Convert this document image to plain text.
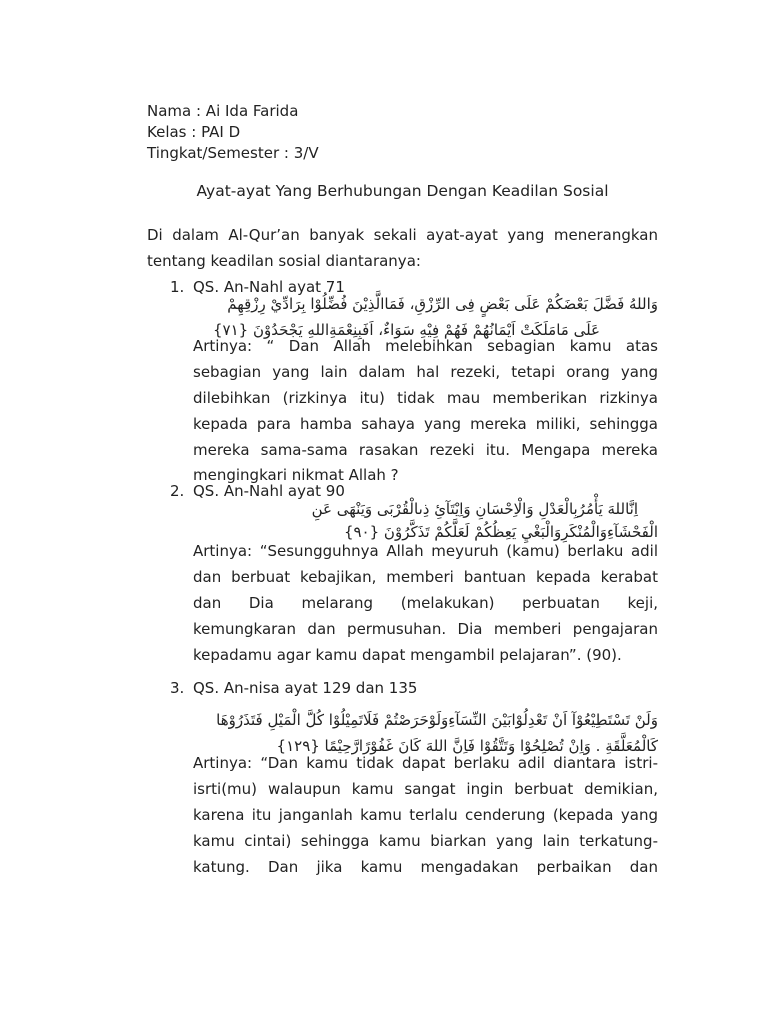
Nama : Ai Ida Farida
Kelas : PAI D
Tingkat/Semester : 3/V
Ayat-ayat Yang Berhubungan Dengan Keadilan Sosial
Di dalam Al-Qur’an banyak sekali ayat-ayat yang menerangkan
tentang keadilan sosial diantaranya:
1. QS. An-Nahl ayat 71
وَاللهُ فَضَّلَ بَعْضَكُمْ عَلَى بَعْضٍ فِى الرِّزْقِ، فَمَاالَّذِيْنَ فُضِّلُوْا بِرَادِّيْ رِزْقِهِمْ
عَلَى مَامَلَكَتْ اَيْمَانُهُمْ فَهُمْ فِيْهِ سَوَاءٌ، اَفَبِنِعْمَةِاللهِ يَجْحَدُوْنَ {٧١}
Artinya: “ Dan Allah melebihkan sebagian kamu atas
sebagian yang lain dalam hal rezeki, tetapi orang yang
dilebihkan (rizkinya itu) tidak mau memberikan rizkinya
kepada para hamba sahaya yang mereka miliki, sehingga
mereka sama-sama rasakan rezeki itu. Mengapa mereka
mengingkari nikmat Allah ?
2. QS. An-Nahl ayat 90
اِنَّاللهَ يَأْمُرُبِالْعَدْلِ وَالْاِحْسَانِ وَاِيْتَآئِ ذِىالْقُرْبَى وَيَنْهَى عَنِ
الْفَحْشَآءِوَالْمُنْكَرِوَالْبَغْيِ يَعِظُكُمْ لَعَلَّكُمْ تَذَكَّرُوْنَ {٩٠}
Artinya: “Sesungguhnya Allah meyuruh (kamu) berlaku adil
dan berbuat kebajikan, memberi bantuan kepada kerabat
dan Dia melarang (melakukan) perbuatan keji,
kemungkaran dan permusuhan. Dia memberi pengajaran
kepadamu agar kamu dapat mengambil pelajaran”. (90).
3. QS. An-nisa ayat 129 dan 135
وَلَنْ تَسْتَطِيْعُوْآ اَنْ تَعْدِلُوْابَيْنَ النِّسَآءِوَلَوْحَرَصْتُمْ فَلَاتَمِيْلُوْا كُلَّ الْمَيْلِ فَتَذَرُوْهَا
كَالْمُعَلَّقَةِ . وَاِنْ تُصْلِحُوْا وَتَتَّقُوْا فَاِنَّ اللهَ كَانَ غَفُوْرًارَّحِيْمًا {١٢٩}
Artinya: “Dan kamu tidak dapat berlaku adil diantara istri-
isrti(mu) walaupun kamu sangat ingin berbuat demikian,
karena itu janganlah kamu terlalu cenderung (kepada yang
kamu cintai) sehingga kamu biarkan yang lain terkatung-
katung. Dan jika kamu mengadakan perbaikan dan
